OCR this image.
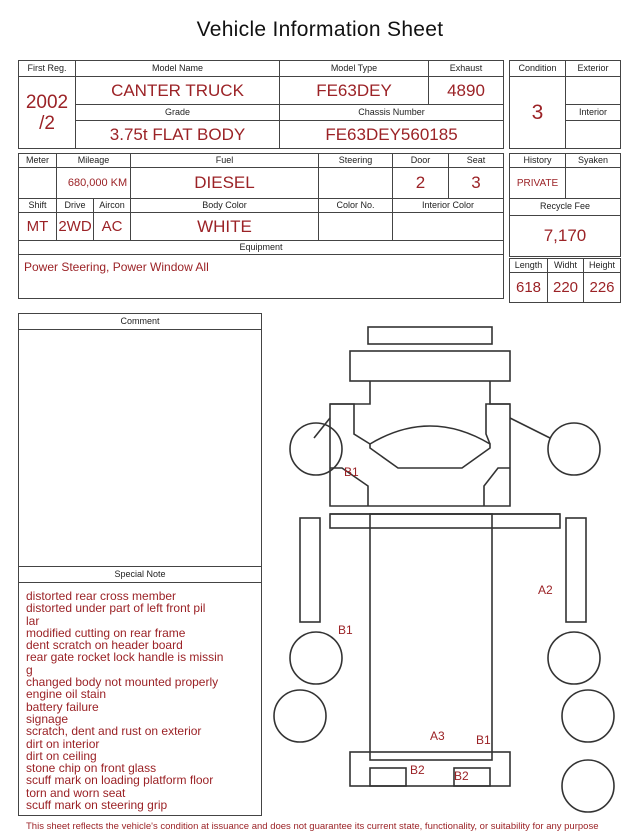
Vehicle Information Sheet
First Reg.	Model Name	Model Type	Exhaust

2002
/2	CANTER TRUCK	FE63DEY	4890
	Grade	Chassis Number	
	3.75t FLAT BODY	FE63DEY560185	
Condition	Exterior
3	
	Interior

Meter	Mileage		Fuel	Steering	Door	Seat
	680,000 KM		DIESEL		2	3
Shift	Drive	Aircon	Body Color	Color No.	Interior Color	
MT	2WD	AC	WHITE			
Equipment						
Power Steering, Power Window All						
History	Syaken
PRIVATE	
Recycle Fee
7,170
Length	Widht	Height
618	220	226
Comment
Special Note
distorted rear cross member
distorted under part of left front pil
lar
modified cutting on rear frame
dent scratch on header board
rear gate rocket lock handle is missin
g
changed body not mounted properly
engine oil stain
battery failure
signage
scratch, dent and rust on exterior
dirt on interior
dirt on ceiling
stone chip on front glass
scuff mark on loading platform floor
torn and worn seat
scuff mark on steering grip
B1
A2
B1
A3	B1
B2 B2
This sheet reflects the vehicle's condition at issuance and does not guarantee its current state, functionality, or suitability for any purpose
